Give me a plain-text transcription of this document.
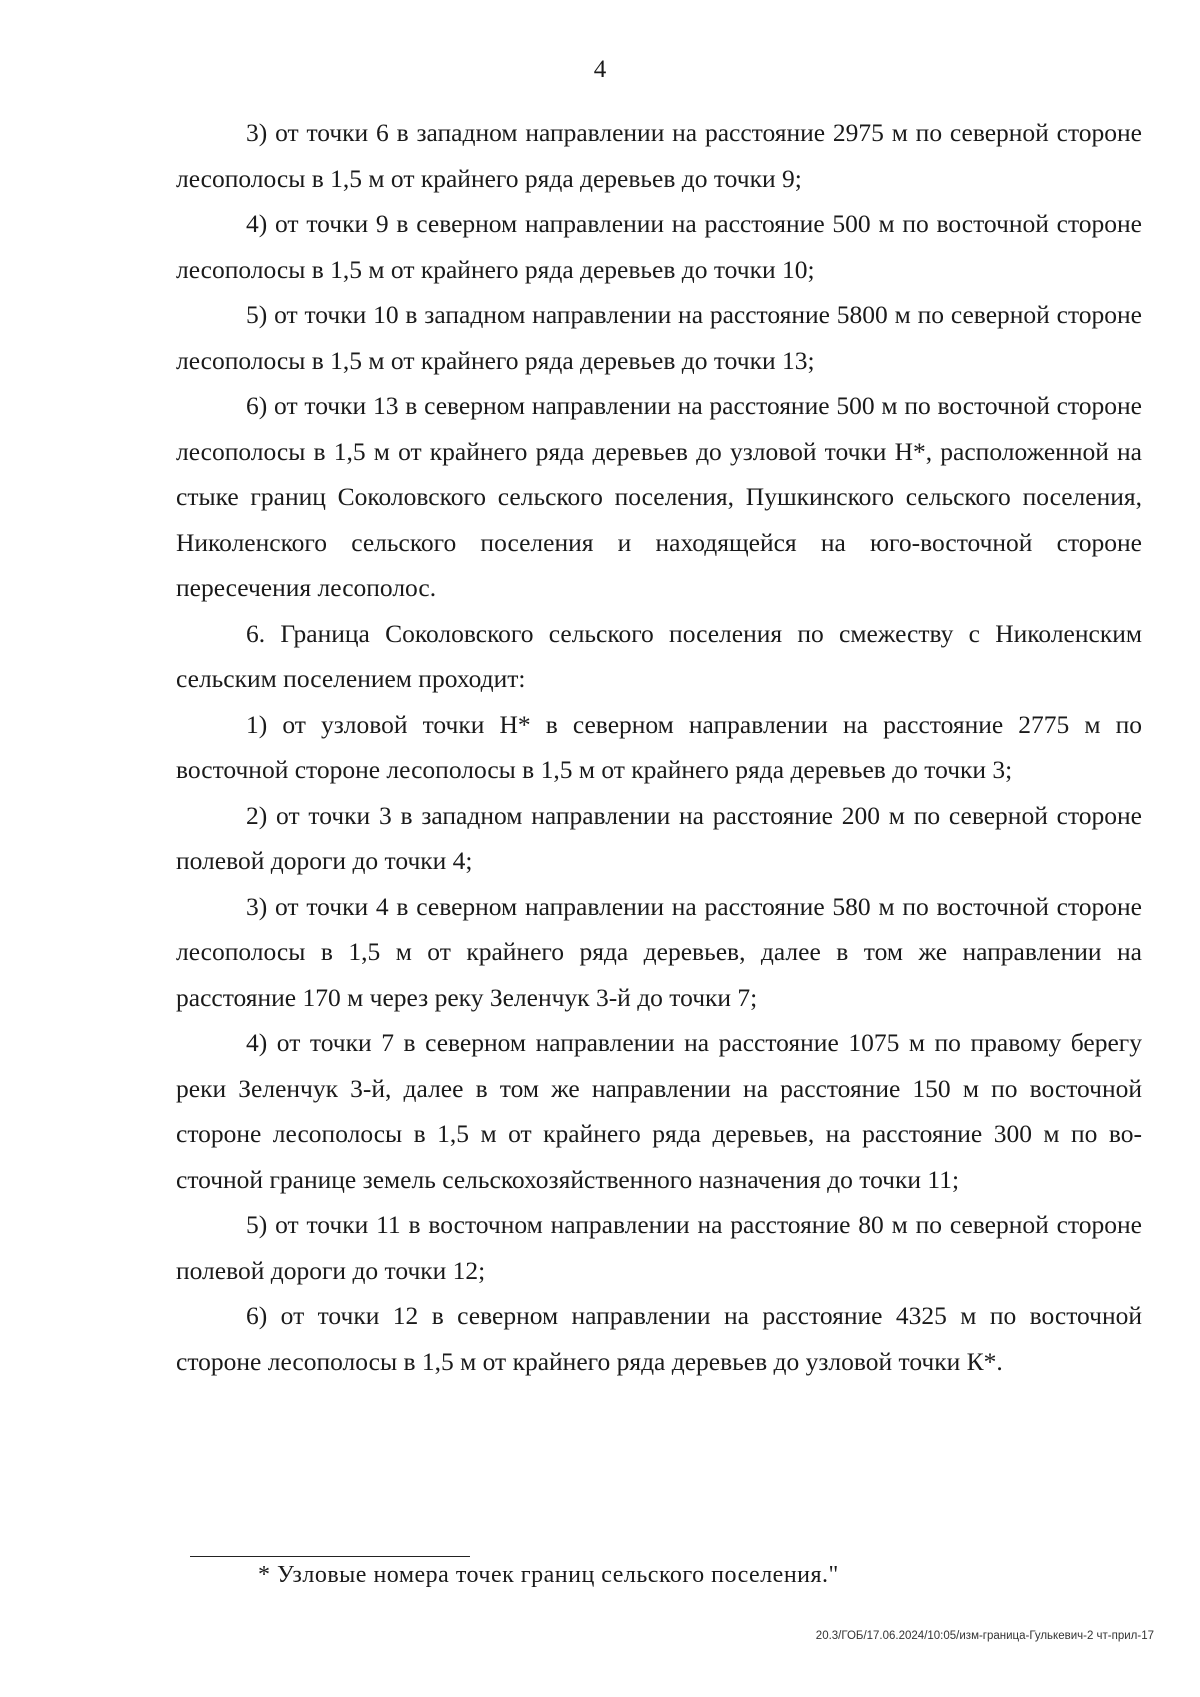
4

3) от точки 6 в западном направлении на расстояние 2975 м по северной стороне лесополосы в 1,5 м от крайнего ряда деревьев до точки 9;

4) от точки 9 в северном направлении на расстояние 500 м по восточной стороне лесополосы в 1,5 м от крайнего ряда деревьев до точки 10;

5) от точки 10 в западном направлении на расстояние 5800 м по северной стороне лесополосы в 1,5 м от крайнего ряда деревьев до точки 13;

6) от точки 13 в северном направлении на расстояние 500 м по восточной стороне лесополосы в 1,5 м от крайнего ряда деревьев до узловой точки Н*, расположенной на стыке границ Соколовского сельского поселения, Пушкинского сельского поселения, Николенского сельского поселения и находящейся на юго-восточной стороне пересечения лесополос.

6. Граница Соколовского сельского поселения по смежеству с Николенским сельским поселением проходит:

1) от узловой точки Н* в северном направлении на расстояние 2775 м по восточной стороне лесополосы в 1,5 м от крайнего ряда деревьев до точки 3;

2) от точки 3 в западном направлении на расстояние 200 м по северной стороне полевой дороги до точки 4;

3) от точки 4 в северном направлении на расстояние 580 м по восточной стороне лесополосы в 1,5 м от крайнего ряда деревьев, далее в том же направлении на расстояние 170 м через реку Зеленчук 3-й до точки 7;

4) от точки 7 в северном направлении на расстояние 1075 м по правому берегу реки Зеленчук 3-й, далее в том же направлении на расстояние 150 м по восточной стороне лесополосы в 1,5 м от крайнего ряда деревьев, на расстояние 300 м по восточной границе земель сельскохозяйственного назначения до точки 11;

5) от точки 11 в восточном направлении на расстояние 80 м по северной стороне полевой дороги до точки 12;

6) от точки 12 в северном направлении на расстояние 4325 м по восточной стороне лесополосы в 1,5 м от крайнего ряда деревьев до узловой точки К*.

* Узловые номера точек границ сельского поселения."
20.3/ГОБ/17.06.2024/10:05/изм-граница-Гулькевич-2 чт-прил-17
